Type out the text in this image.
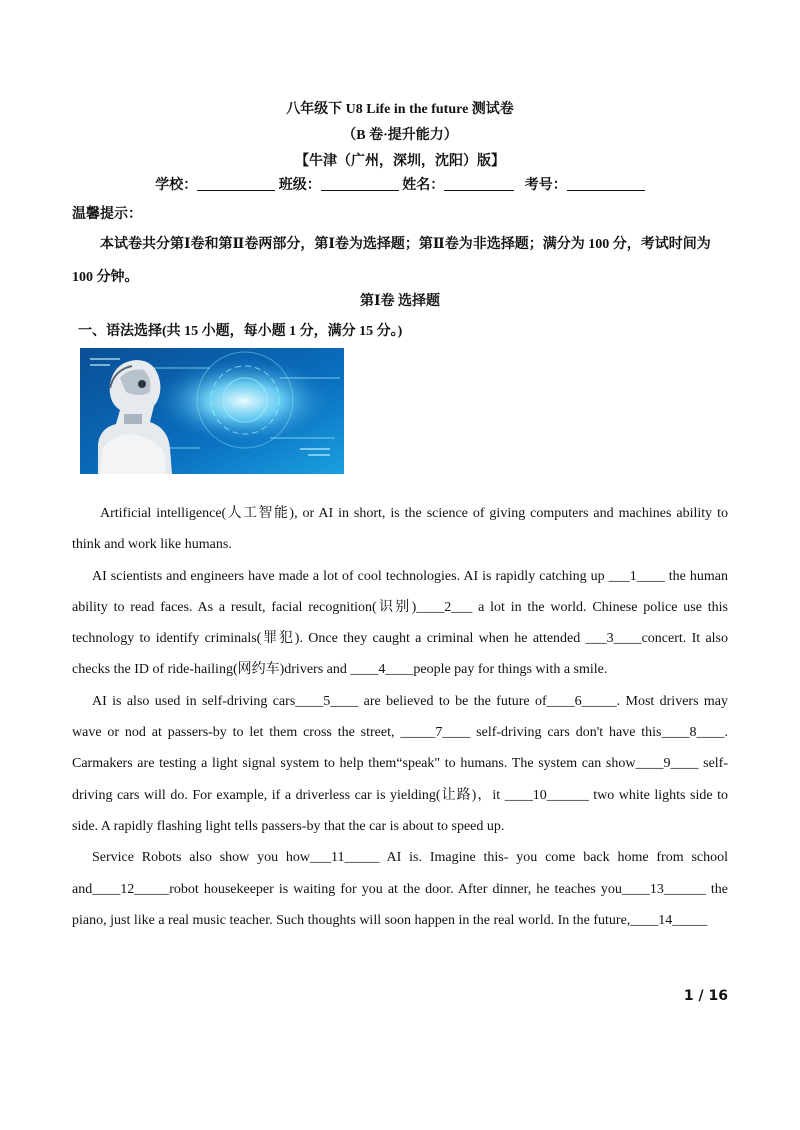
八年级下 U8 Life in the future 测试卷
（B 卷·提升能力）
【牛津（广州，深圳，沈阳）版】
学校：	班级：	姓名：	考号：
温馨提示：

本试卷共分第Ⅰ卷和第Ⅱ卷两部分，第Ⅰ卷为选择题；第Ⅱ卷为非选择题；满分为 100 分，考试时间为 100 分钟。

第Ⅰ卷 选择题
一、语法选择(共 15 小题，每小题 1 分，满分 15 分。)

Artificial intelligence(人工智能), or AI in short, is the science of giving computers and machines ability to think and work like humans.

AI scientists and engineers have made a lot of cool technologies. AI is rapidly catching up ___1____ the human ability to read faces. As a result, facial recognition(识别)____2___ a lot in the world. Chinese police use this technology to identify criminals(罪犯). Once they caught a criminal when he attended ___3____concert. It also checks the ID of ride-hailing(网约车)drivers and ____4____people pay for things with a smile.

AI is also used in self-driving cars____5____ are believed to be the future of____6_____. Most drivers may wave or nod at passers-by to let them cross the street, _____7____ self-driving cars don't have this____8____. Carmakers are testing a light signal system to help them“speak" to humans. The system can show____9____ self-driving cars will do. For example, if a driverless car is yielding(让路)，it ____10______ two white lights side to side. A rapidly flashing light tells passers-by that the car is about to speed up.

Service Robots also show you how___11_____ AI is. Imagine this- you come back home from school and____12_____robot housekeeper is waiting for you at the door. After dinner, he teaches you____13______ the piano, just like a real music teacher. Such thoughts will soon happen in the real world. In the future,____14_____

1 / 16
